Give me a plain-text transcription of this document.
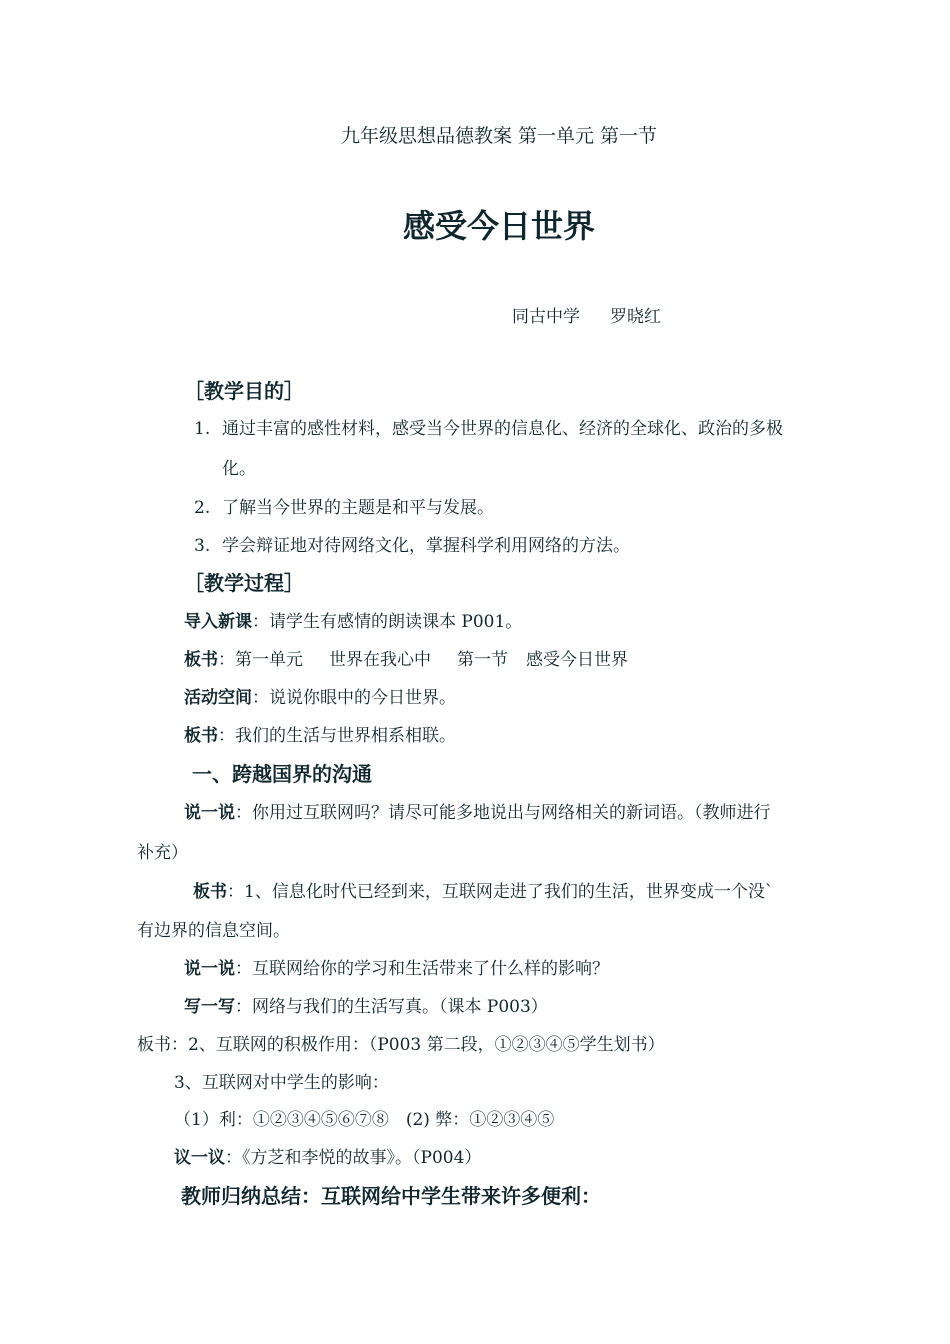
九年级思想品德教案 第一单元 第一节
感受今日世界
同古中学 罗晓红
［教学目的］
1. 通过丰富的感性材料，感受当今世界的信息化、经济的全球化、政治的多极
化。
2. 了解当今世界的主题是和平与发展。
3. 学会辩证地对待网络文化，掌握科学利用网络的方法。
［教学过程］
导入新课：请学生有感情的朗读课本 P001。
板书：第一单元 世界在我心中 第一节 感受今日世界
活动空间：说说你眼中的今日世界。
板书：我们的生活与世界相系相联。
一、跨越国界的沟通
说一说：你用过互联网吗？请尽可能多地说出与网络相关的新词语。（教师进行
补充）
板书：1、信息化时代已经到来，互联网走进了我们的生活，世界变成一个没`
有边界的信息空间。
说一说：互联网给你的学习和生活带来了什么样的影响？
写一写：网络与我们的生活写真。（课本 P003）
板书：2、互联网的积极作用：（P003 第二段，①②③④⑤学生划书）
3、互联网对中学生的影响：
（1）利：①②③④⑤⑥⑦⑧　(2) 弊：①②③④⑤
议一议：《方芝和李悦的故事》。（P004）
教师归纳总结：互联网给中学生带来许多便利：
